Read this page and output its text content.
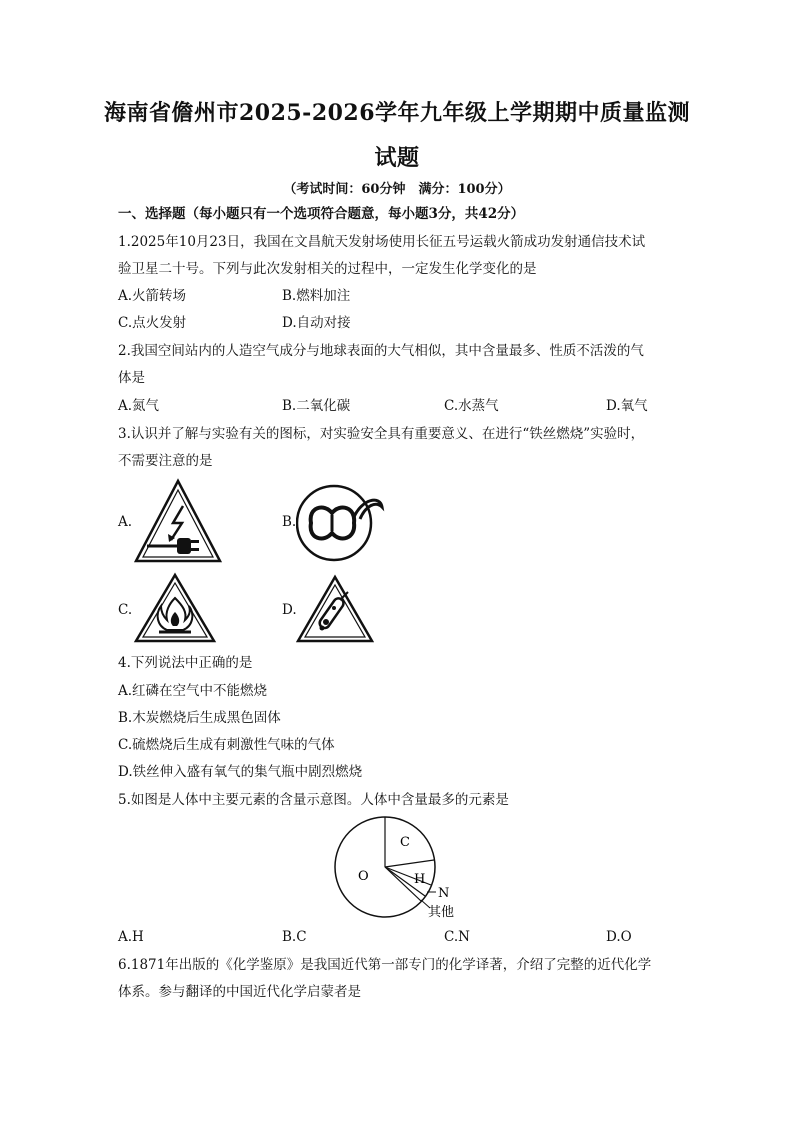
海南省儋州市2025-2026学年九年级上学期期中质量监测
试题
（考试时间：60分钟　满分：100分）
一、选择题（每小题只有一个选项符合题意，每小题3分，共42分）
1.2025年10月23日，我国在文昌航天发射场使用长征五号运载火箭成功发射通信技术试
验卫星二十号。下列与此次发射相关的过程中，一定发生化学变化的是
A.火箭转场	B.燃料加注
C.点火发射	D.自动对接
2.我国空间站内的人造空气成分与地球表面的大气相似，其中含量最多、性质不活泼的气
体是
A.氮气	B.二氧化碳	C.水蒸气	D.氧气
3.认识并了解与实验有关的图标，对实验安全具有重要意义、在进行“铁丝燃烧”实验时，
不需要注意的是
A.	B.
C.	D.
4.下列说法中正确的是
A.红磷在空气中不能燃烧
B.木炭燃烧后生成黑色固体
C.硫燃烧后生成有刺激性气味的气体
D.铁丝伸入盛有氧气的集气瓶中剧烈燃烧
5.如图是人体中主要元素的含量示意图。人体中含量最多的元素是
C
O	H
N
其他
A.H	B.C	C.N	D.O
6.1871年出版的《化学鉴原》是我国近代第一部专门的化学译著，介绍了完整的近代化学
体系。参与翻译的中国近代化学启蒙者是
